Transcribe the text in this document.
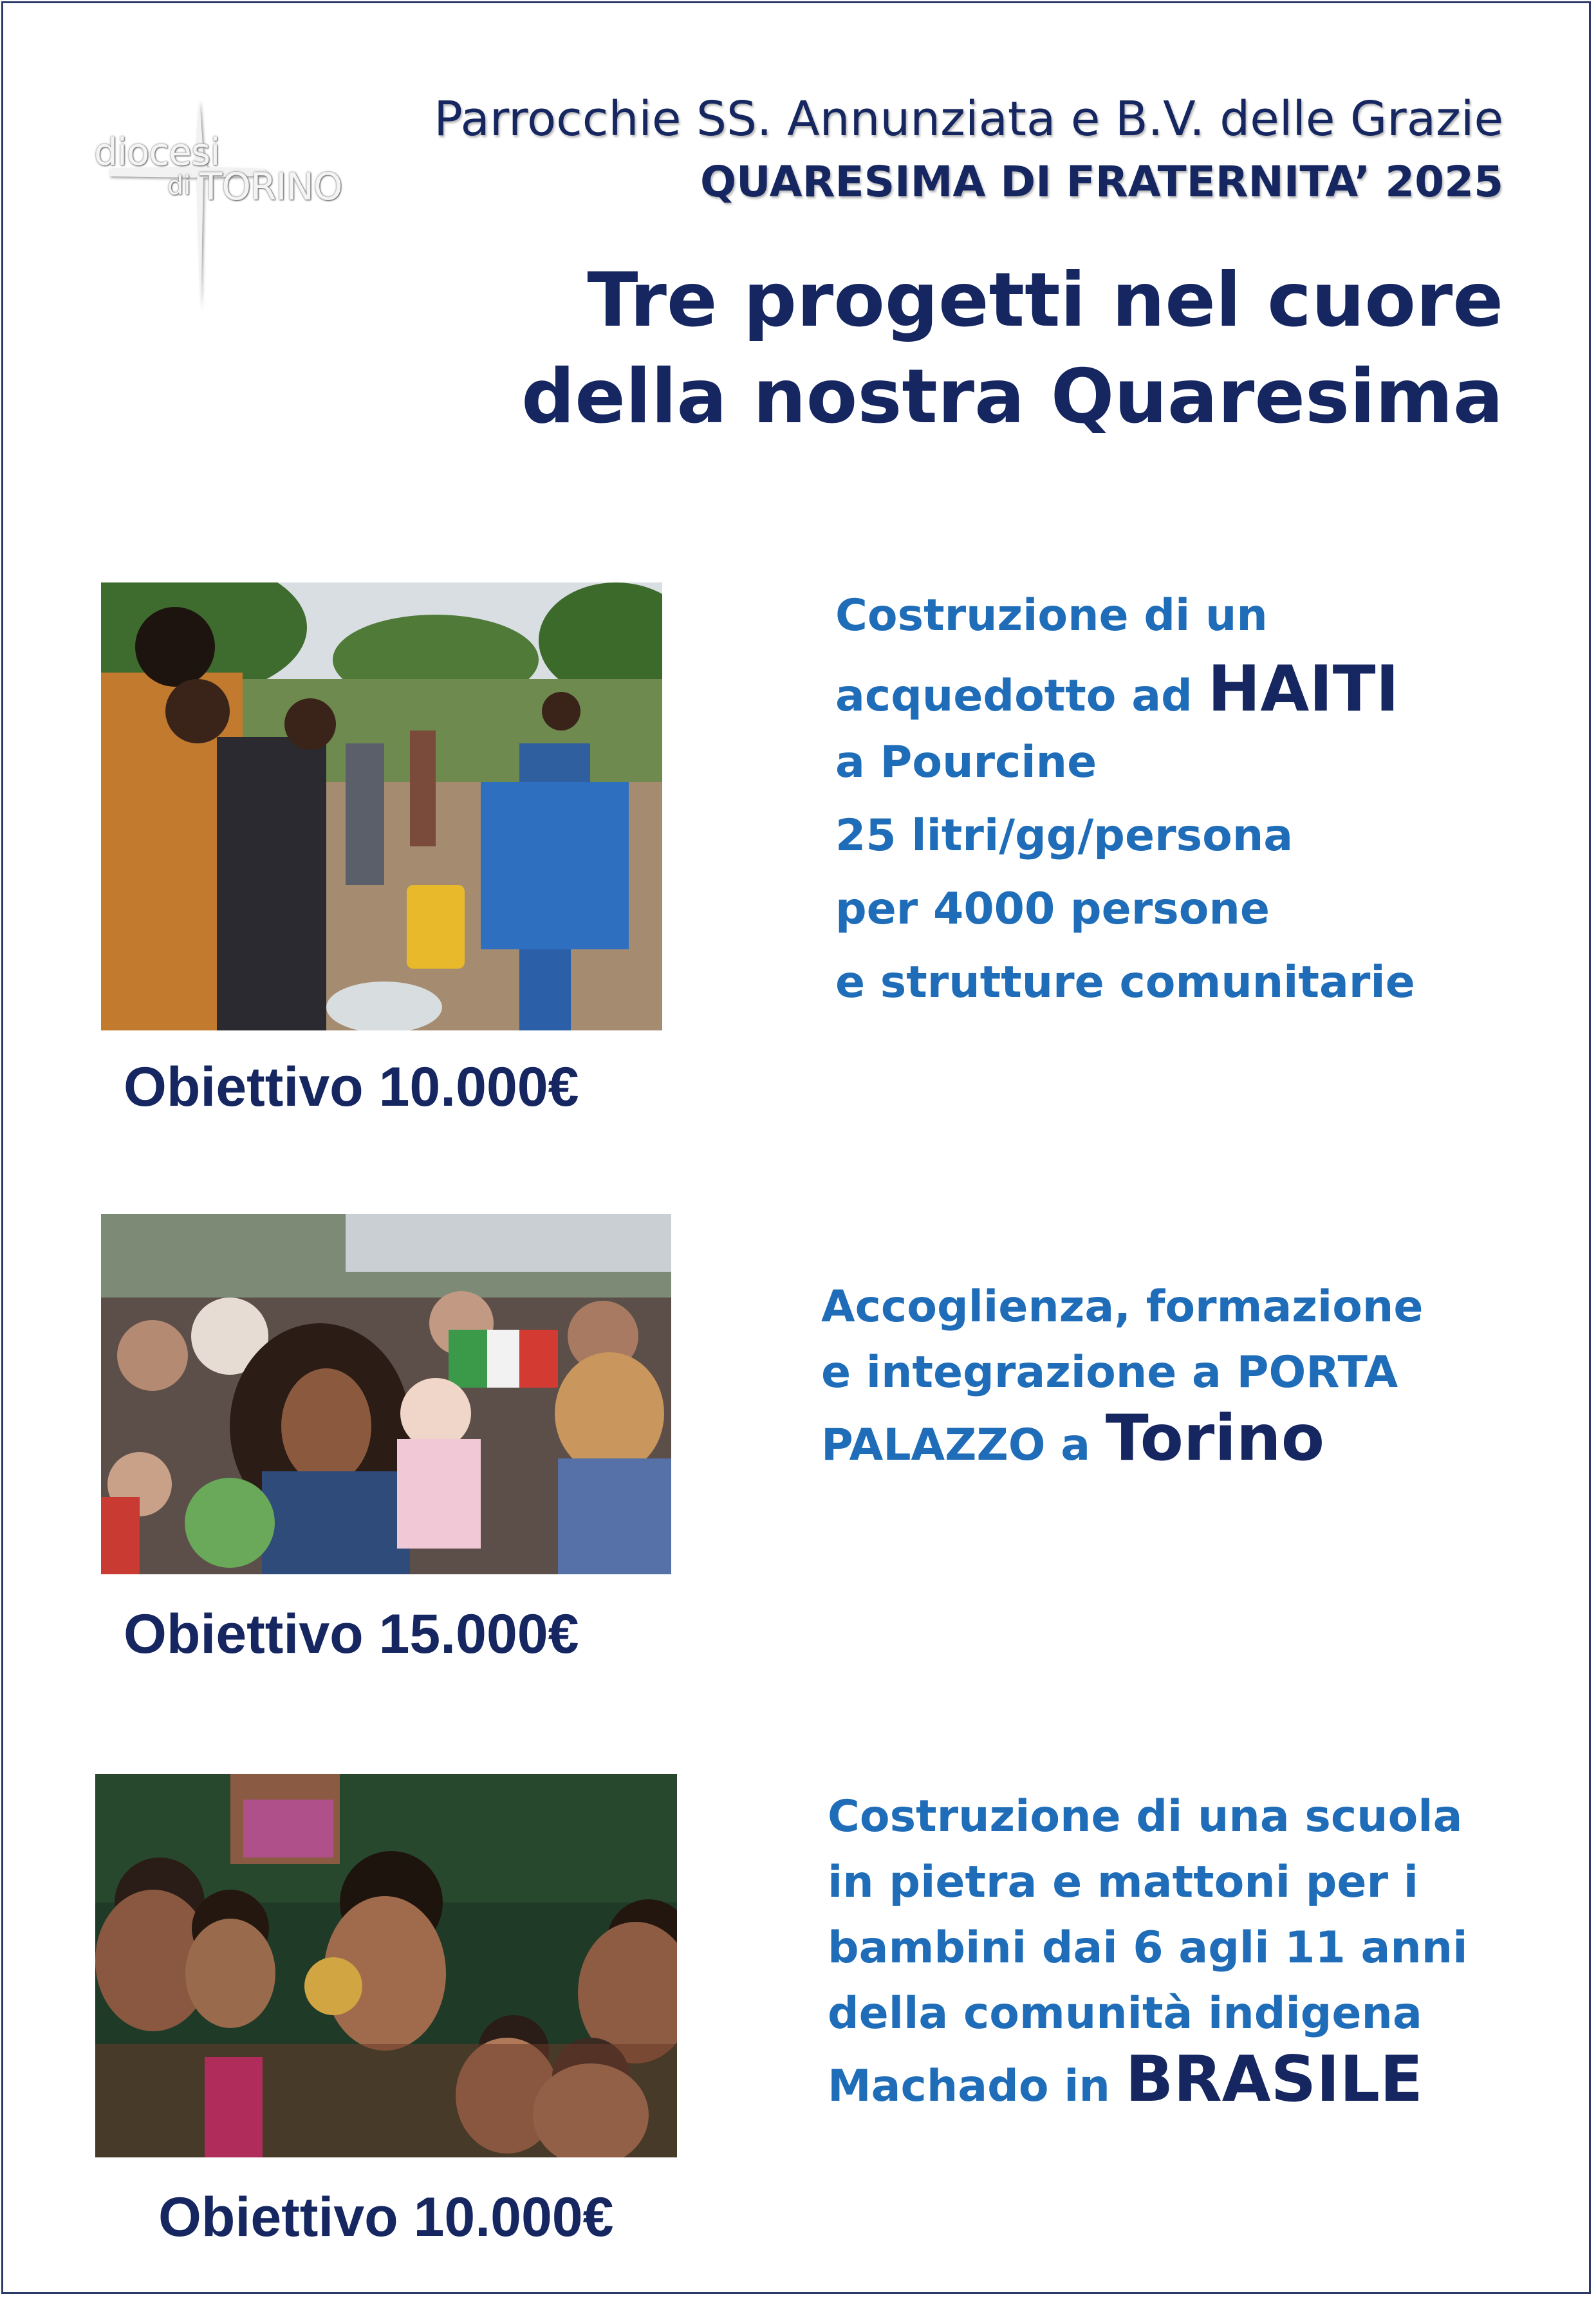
diocesi
di TORINO
Parrocchie SS. Annunziata e B.V. delle Grazie
QUARESIMA DI FRATERNITA’ 2025
Tre progetti nel cuore
della nostra Quaresima
Obiettivo 10.000€
Costruzione di un
acquedotto ad HAITI
a Pourcine
25 litri/gg/persona
per 4000 persone
e strutture comunitarie
Obiettivo 15.000€
Accoglienza, formazione
e integrazione a PORTA
PALAZZO a Torino
Obiettivo 10.000€
Costruzione di una scuola
in pietra e mattoni per i
bambini dai 6 agli 11 anni
della comunità indigena
Machado in BRASILE
